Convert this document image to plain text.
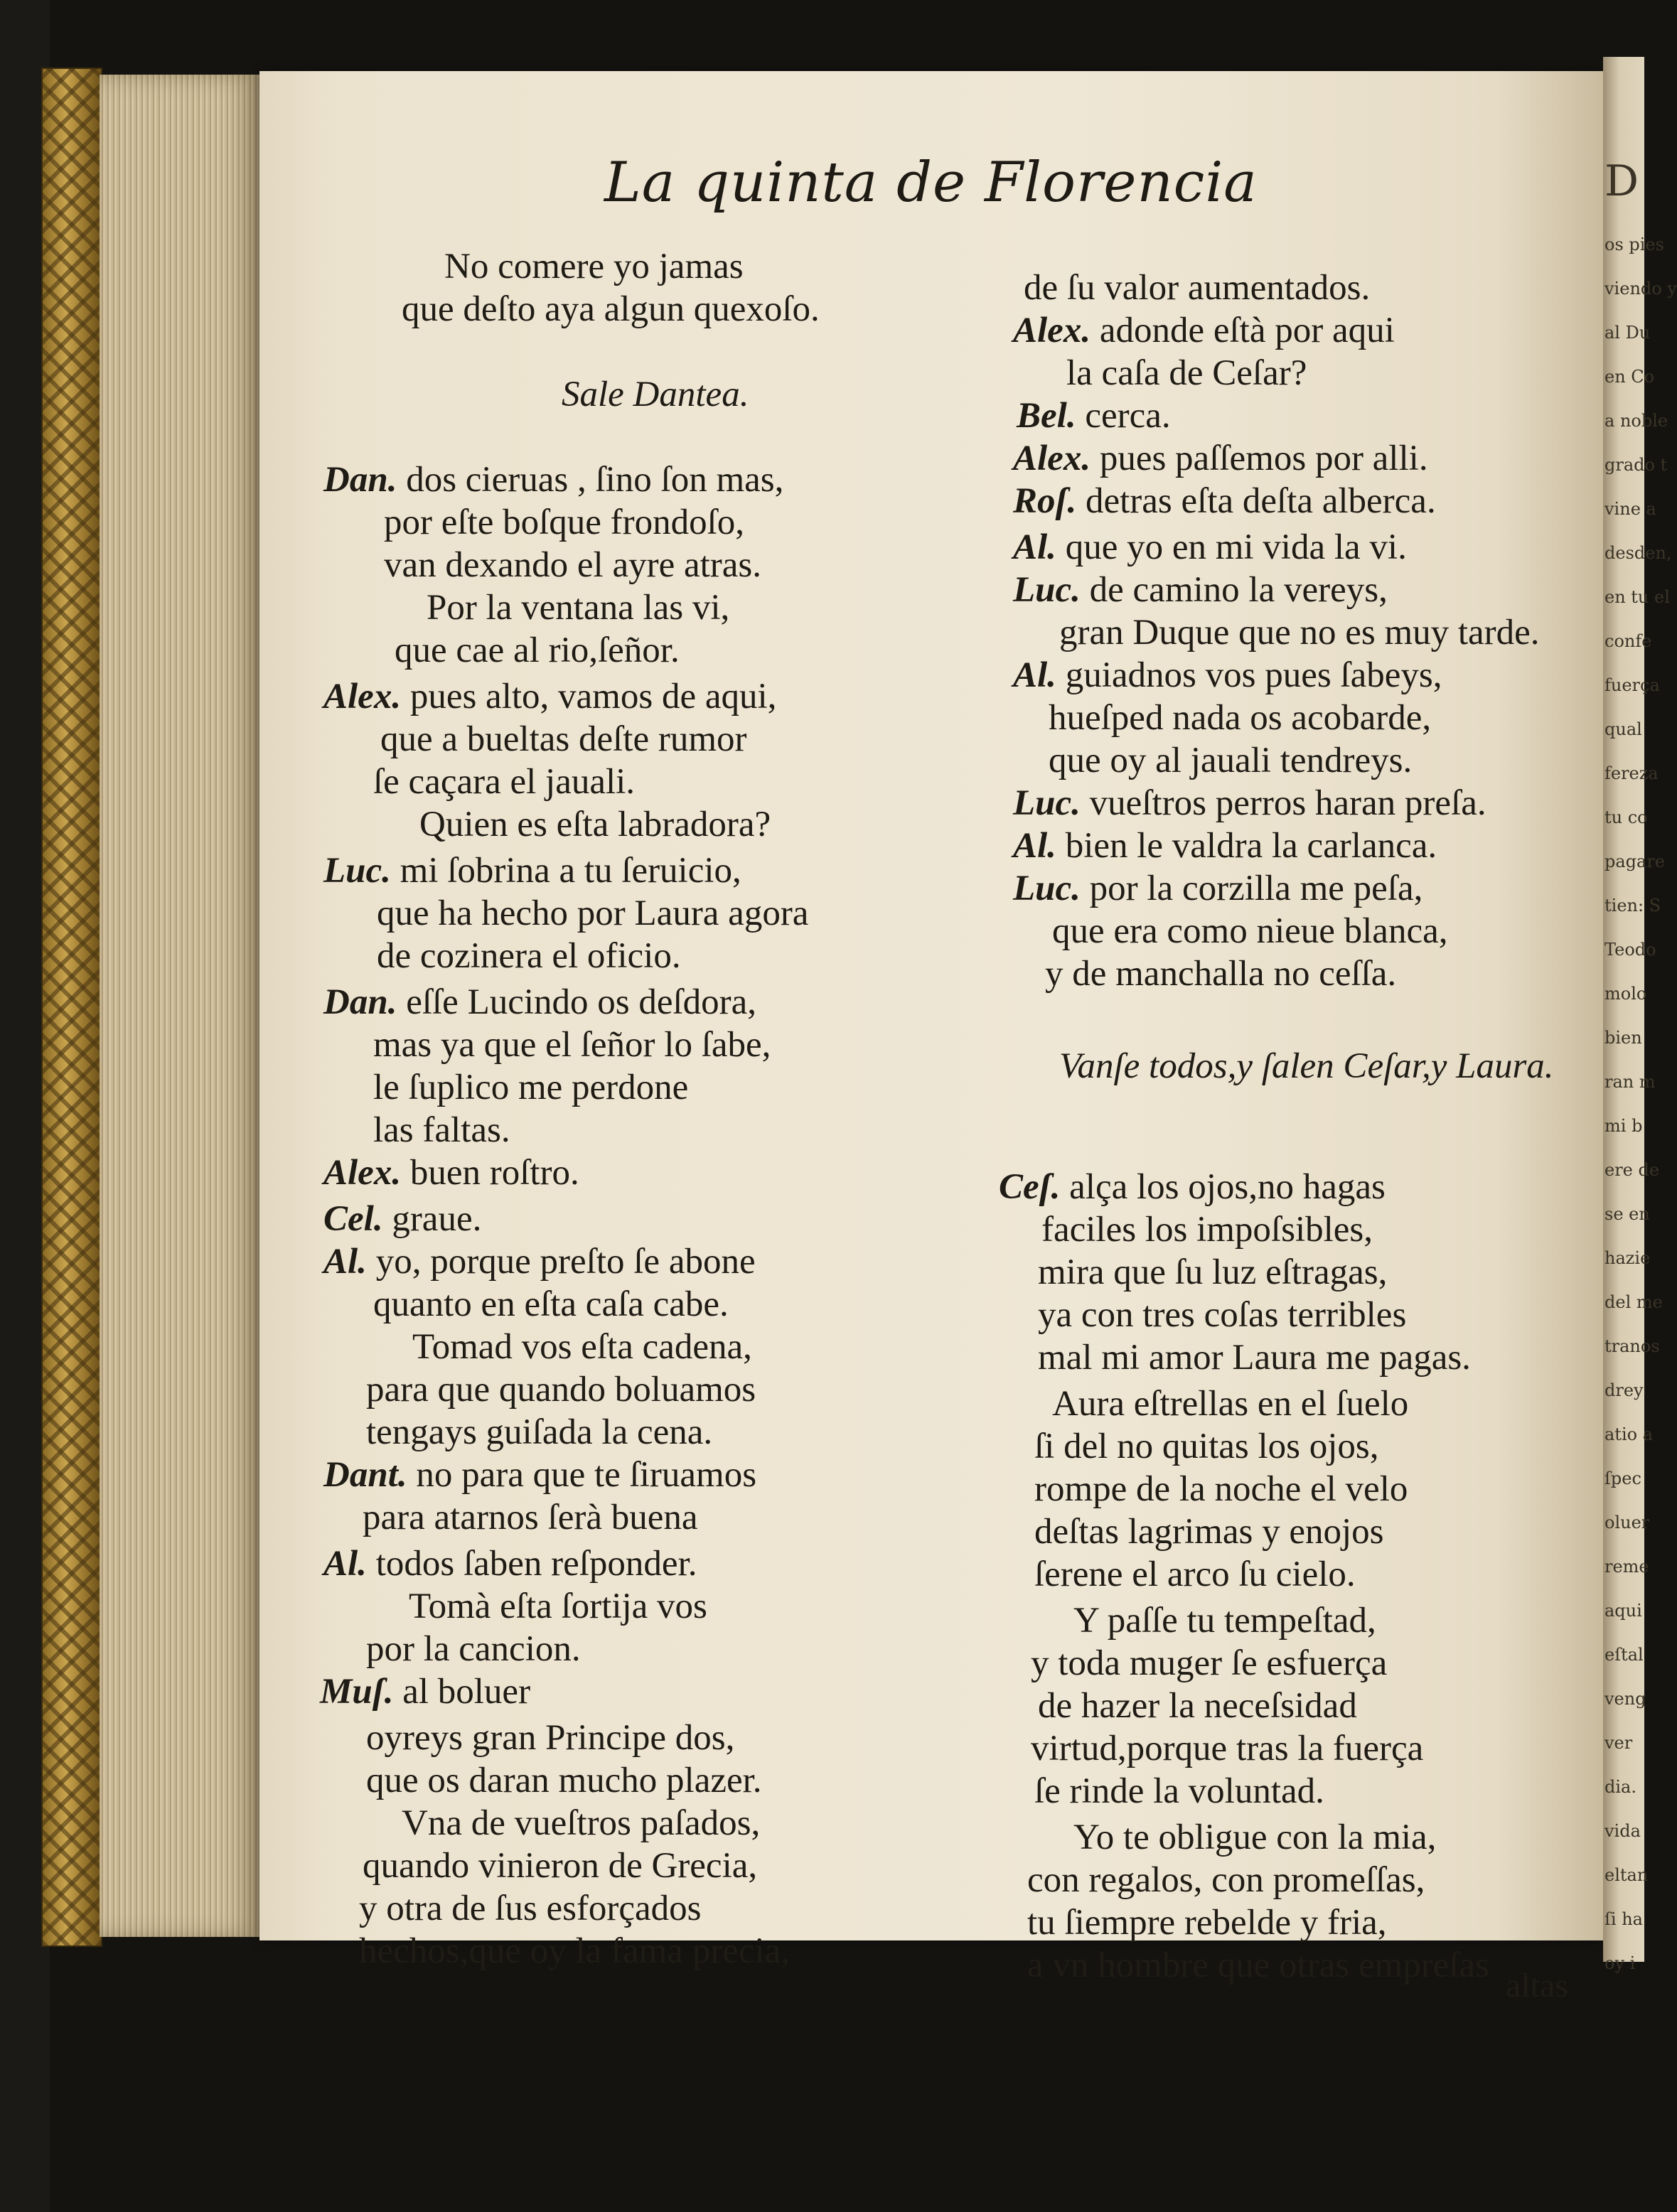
D
os pies
viendo y
al Du
en Co
a noble
grado t
vine a
desden,
en tu el
confe
fuerça
qual
fereza
tu co
pagare
tien: S
Teodo
molo
bien
ran m
mi b
ere de
se en
hazie
del me
tranos
drey
atio a
ſpec
oluer
reme
aqui
eſtal
veng
ver
dia.
vida
eltan
ſi ha
oy i
La quinta de Florencia
No comere yo jamas
que deſto aya algun quexoſo.
Sale Dantea.
Dan. dos cieruas , ſino ſon mas,
por eſte boſque frondoſo,
van dexando el ayre atras.
Por la ventana las vi,
que cae al rio,ſeñor.
Alex. pues alto, vamos de aqui,
que a bueltas deſte rumor
ſe caçara el jauali.
Quien es eſta labradora?
Luc. mi ſobrina a tu ſeruicio,
que ha hecho por Laura agora
de cozinera el oficio.
Dan. eſſe Lucindo os deſdora,
mas ya que el ſeñor lo ſabe,
le ſuplico me perdone
las faltas.
Alex. buen roſtro.
Cel. graue.
Al. yo, porque preſto ſe abone
quanto en eſta caſa cabe.
Tomad vos eſta cadena,
para que quando boluamos
tengays guiſada la cena.
Dant. no para que te ſiruamos
para atarnos ſerà buena
Al. todos ſaben reſponder.
Tomà eſta ſortija vos
por la cancion.
Muſ. al boluer
oyreys gran Principe dos,
que os daran mucho plazer.
Vna de vueſtros paſados,
quando vinieron de Grecia,
y otra de ſus esforçados
hechos,que oy la fama precia,
de ſu valor aumentados.
Alex. adonde eſtà por aqui
la caſa de Ceſar?
Bel. cerca.
Alex. pues paſſemos por alli.
Roſ. detras eſta deſta alberca.
Al. que yo en mi vida la vi.
Luc. de camino la vereys,
gran Duque que no es muy tarde.
Al. guiadnos vos pues ſabeys,
hueſped nada os acobarde,
que oy al jauali tendreys.
Luc. vueſtros perros haran preſa.
Al. bien le valdra la carlanca.
Luc. por la corzilla me peſa,
que era como nieue blanca,
y de manchalla no ceſſa.
Vanſe todos,y ſalen Ceſar,y Laura.
Ceſ. alça los ojos,no hagas
faciles los impoſsibles,
mira que ſu luz eſtragas,
ya con tres coſas terribles
mal mi amor Laura me pagas.
Aura eſtrellas en el ſuelo
ſi del no quitas los ojos,
rompe de la noche el velo
deſtas lagrimas y enojos
ſerene el arco ſu cielo.
Y paſſe tu tempeſtad,
y toda muger ſe esfuerça
de hazer la neceſsidad
virtud,porque tras la fuerça
ſe rinde la voluntad.
Yo te obligue con la mia,
con regalos, con promeſſas,
tu ſiempre rebelde y fria,
a vn hombre que otras empreſas
altas
